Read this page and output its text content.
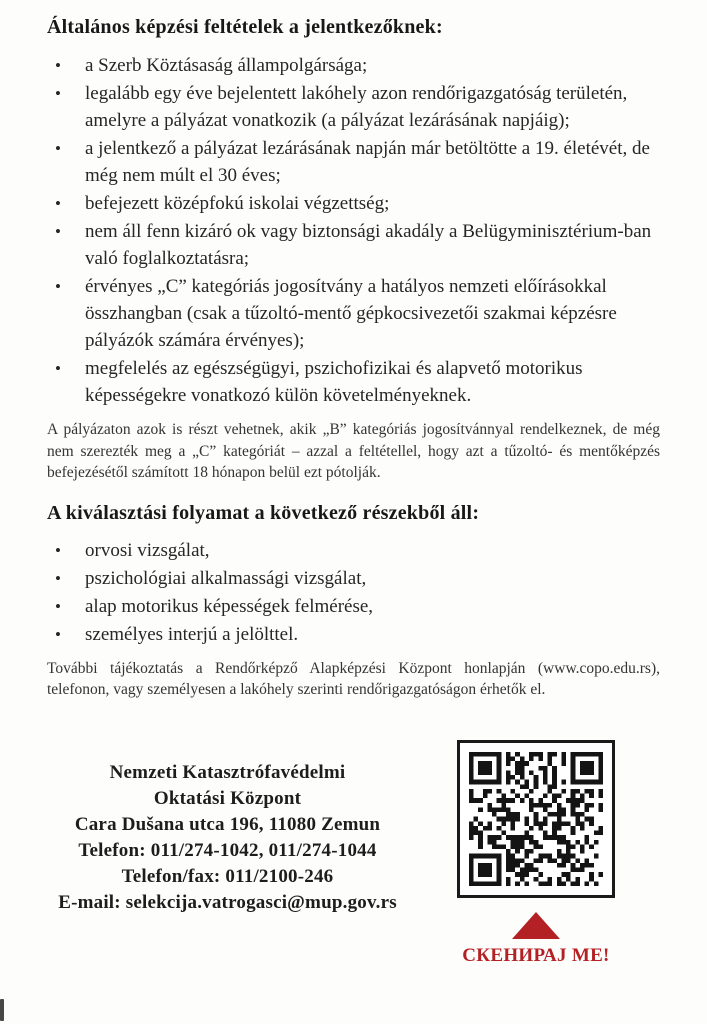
Általános képzési feltételek a jelentkezőknek:
•	a Szerb Köztásaság állampolgársága;
•	legalább egy éve bejelentett lakóhely azon rendőrigazgatóság területén, amelyre a pályázat vonatkozik (a pályázat lezárásának napjáig);
•	a jelentkező a pályázat lezárásának napján már betöltötte a 19. életévét, de még nem múlt el 30 éves;
•	befejezett középfokú iskolai végzettség;
•	nem áll fenn kizáró ok vagy biztonsági akadály a Belügyminisztérium-ban való foglalkoztatásra;
•	érvényes „C” kategóriás jogosítvány a hatályos nemzeti előírásokkal összhangban (csak a tűzoltó-mentő gépkocsivezetői szakmai képzésre pályázók számára érvényes);
•	megfelelés az egészségügyi, pszichofizikai és alapvető motorikus képességekre vonatkozó külön követelményeknek.

A pályázaton azok is részt vehetnek, akik „B” kategóriás jogosítvánnyal rendelkeznek, de még nem szerezték meg a „C” kategóriát – azzal a feltétellel, hogy azt a tűzoltó- és mentőképzés befejezésétől számított 18 hónapon belül ezt pótolják.

A kiválasztási folyamat a következő részekből áll:
•	orvosi vizsgálat,
•	pszichológiai alkalmassági vizsgálat,
•	alap motorikus képességek felmérése,
•	személyes interjú a jelölttel.

További tájékoztatás a Rendőrképző Alapképzési Központ honlapján (www.copo.edu.rs), telefonon, vagy személyesen a lakóhely szerinti rendőrigazgatóságon érhetők el.

Nemzeti Katasztrófavédelmi
Oktatási Központ
Cara Dušana utca 196, 11080 Zemun
Telefon: 011/274-1042, 011/274-1044
Telefon/fax: 011/2100-246
E-mail: selekcija.vatrogasci@mup.gov.rs
СКЕНИРАЈ МЕ!
